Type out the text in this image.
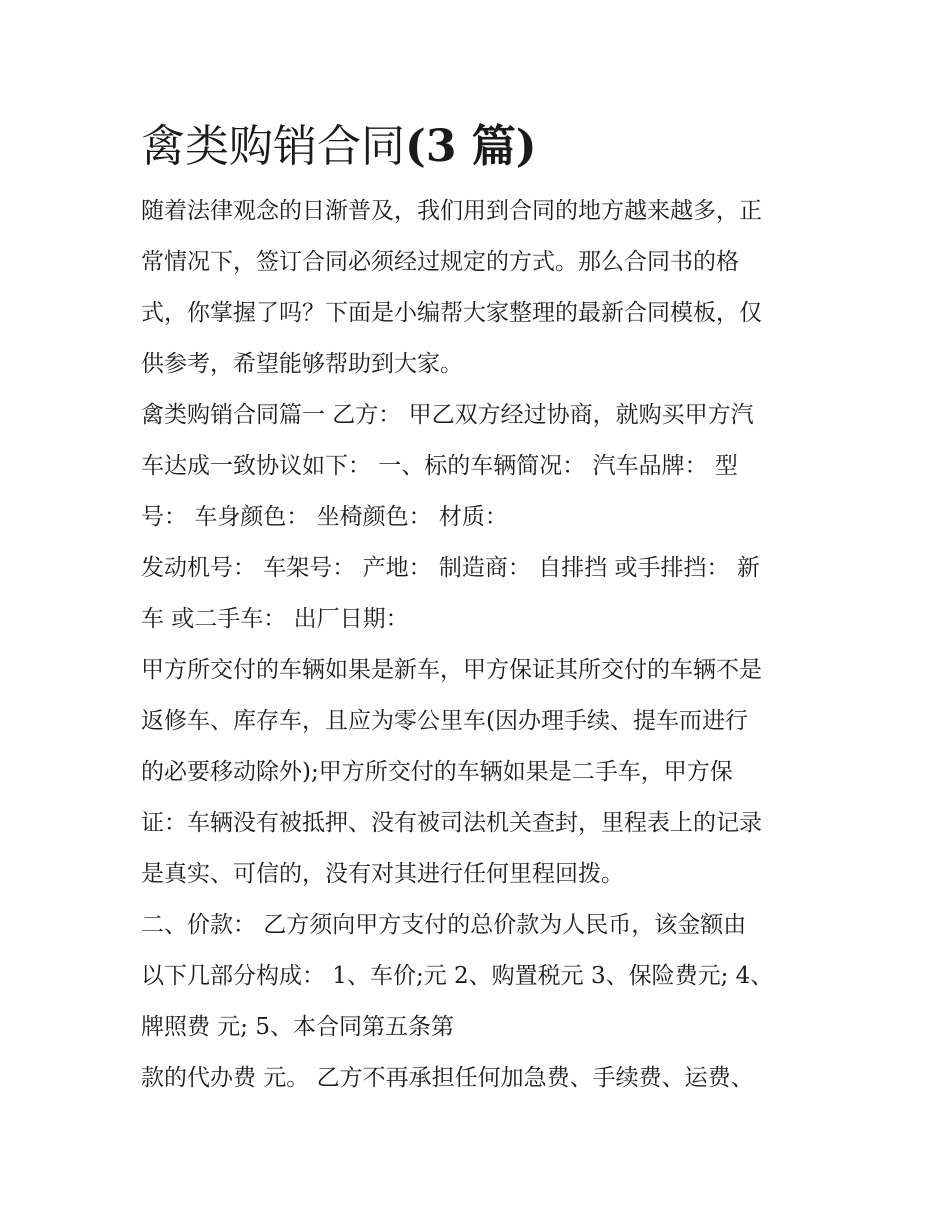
禽类购销合同(3 篇)
随着法律观念的日渐普及，我们用到合同的地方越来越多，正
常情况下，签订合同必须经过规定的方式。那么合同书的格
式，你掌握了吗？下面是小编帮大家整理的最新合同模板，仅
供参考，希望能够帮助到大家。
禽类购销合同篇一 乙方： 甲乙双方经过协商，就购买甲方汽
车达成一致协议如下： 一、标的车辆简况： 汽车品牌： 型
号： 车身颜色： 坐椅颜色： 材质：
发动机号： 车架号： 产地： 制造商： 自排挡 或手排挡： 新
车 或二手车： 出厂日期：
甲方所交付的车辆如果是新车，甲方保证其所交付的车辆不是
返修车、库存车，且应为零公里车(因办理手续、提车而进行
的必要移动除外);甲方所交付的车辆如果是二手车，甲方保
证：车辆没有被抵押、没有被司法机关查封，里程表上的记录
是真实、可信的，没有对其进行任何里程回拨。
二、价款： 乙方须向甲方支付的总价款为人民币，该金额由
以下几部分构成： 1、车价;元 2、购置税元 3、保险费元; 4、
牌照费 元; 5、本合同第五条第
款的代办费 元。 乙方不再承担任何加急费、手续费、运费、
